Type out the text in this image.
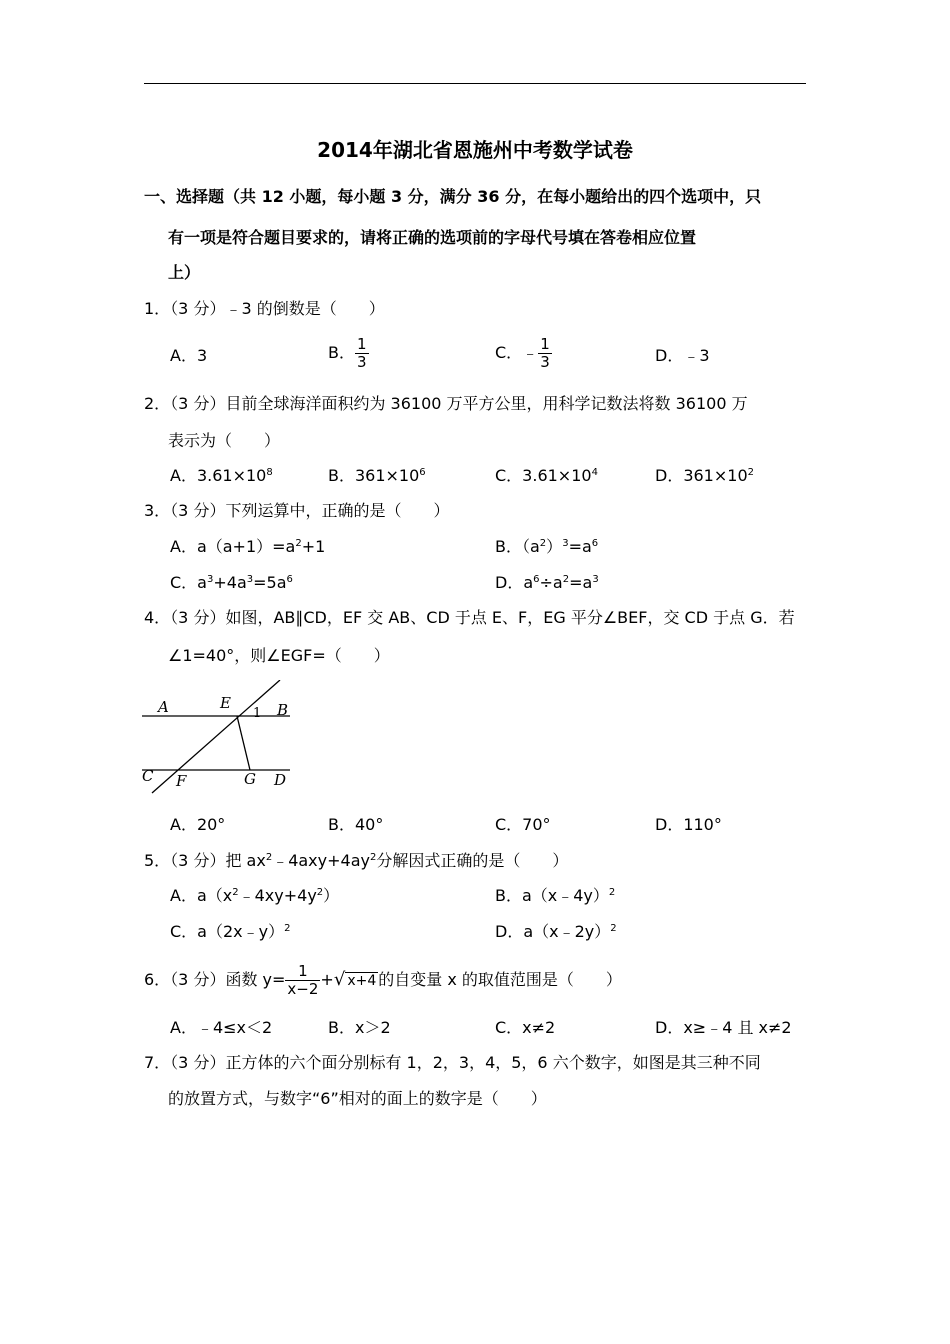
2014年湖北省恩施州中考数学试卷
一、选择题（共 12 小题，每小题 3 分，满分 36 分，在每小题给出的四个选项中，只
有一项是符合题目要求的，请将正确的选项前的字母代号填在答卷相应位置
上）
1．（3 分）﹣3 的倒数是（　　）
A．3	B． $\frac{1}{3}$	C．﹣ $\frac{1}{3}$	D．﹣3
2．（3 分）目前全球海洋面积约为 36100 万平方公里，用科学记数法将数 36100 万
表示为（　　）
A．$3.61\times 10^8$	B．$361\times 10^6$	C．$3.61\times 10^4$	D．$361\times 10^2$
3．（3 分）下列运算中，正确的是（　　）
A．$a(a+1)=a^2+1$	B．$(a^2)^3=a^6$
C．$a^3+4a^3=5a^6$	D．$a^6\div a^2=a^3$
4．（3 分）如图，AB∥CD，EF 交 AB、CD 于点 E、F，EG 平分∠BEF，交 CD 于点 G．若
∠1=40°，则∠EGF=（　　）
A	E
1 B
C F	G D
A．20°	B．40°	C．70°	D．110°
5．（3 分）把 $ax^2﹣4axy+4ay^2$分解因式正确的是（　　）
A．$a(x^2﹣4xy+4y^2)$	B．a（x﹣4y）$^2$
C．a（2x﹣y）$^2$	D．a（x﹣2y）$^2$
6．（3 分）函数 $y= \frac{1}{x-2}$ +√ x+4 的自变量 x 的取值范围是（　　）
A．﹣4≤x＜2	B．x＞2	C．x≠2	D．x≥﹣4 且 x≠2
7．（3 分）正方体的六个面分别标有 1，2，3，4，5，6 六个数字，如图是其三种不同
的放置方式，与数字“6”相对的面上的数字是（　　）
